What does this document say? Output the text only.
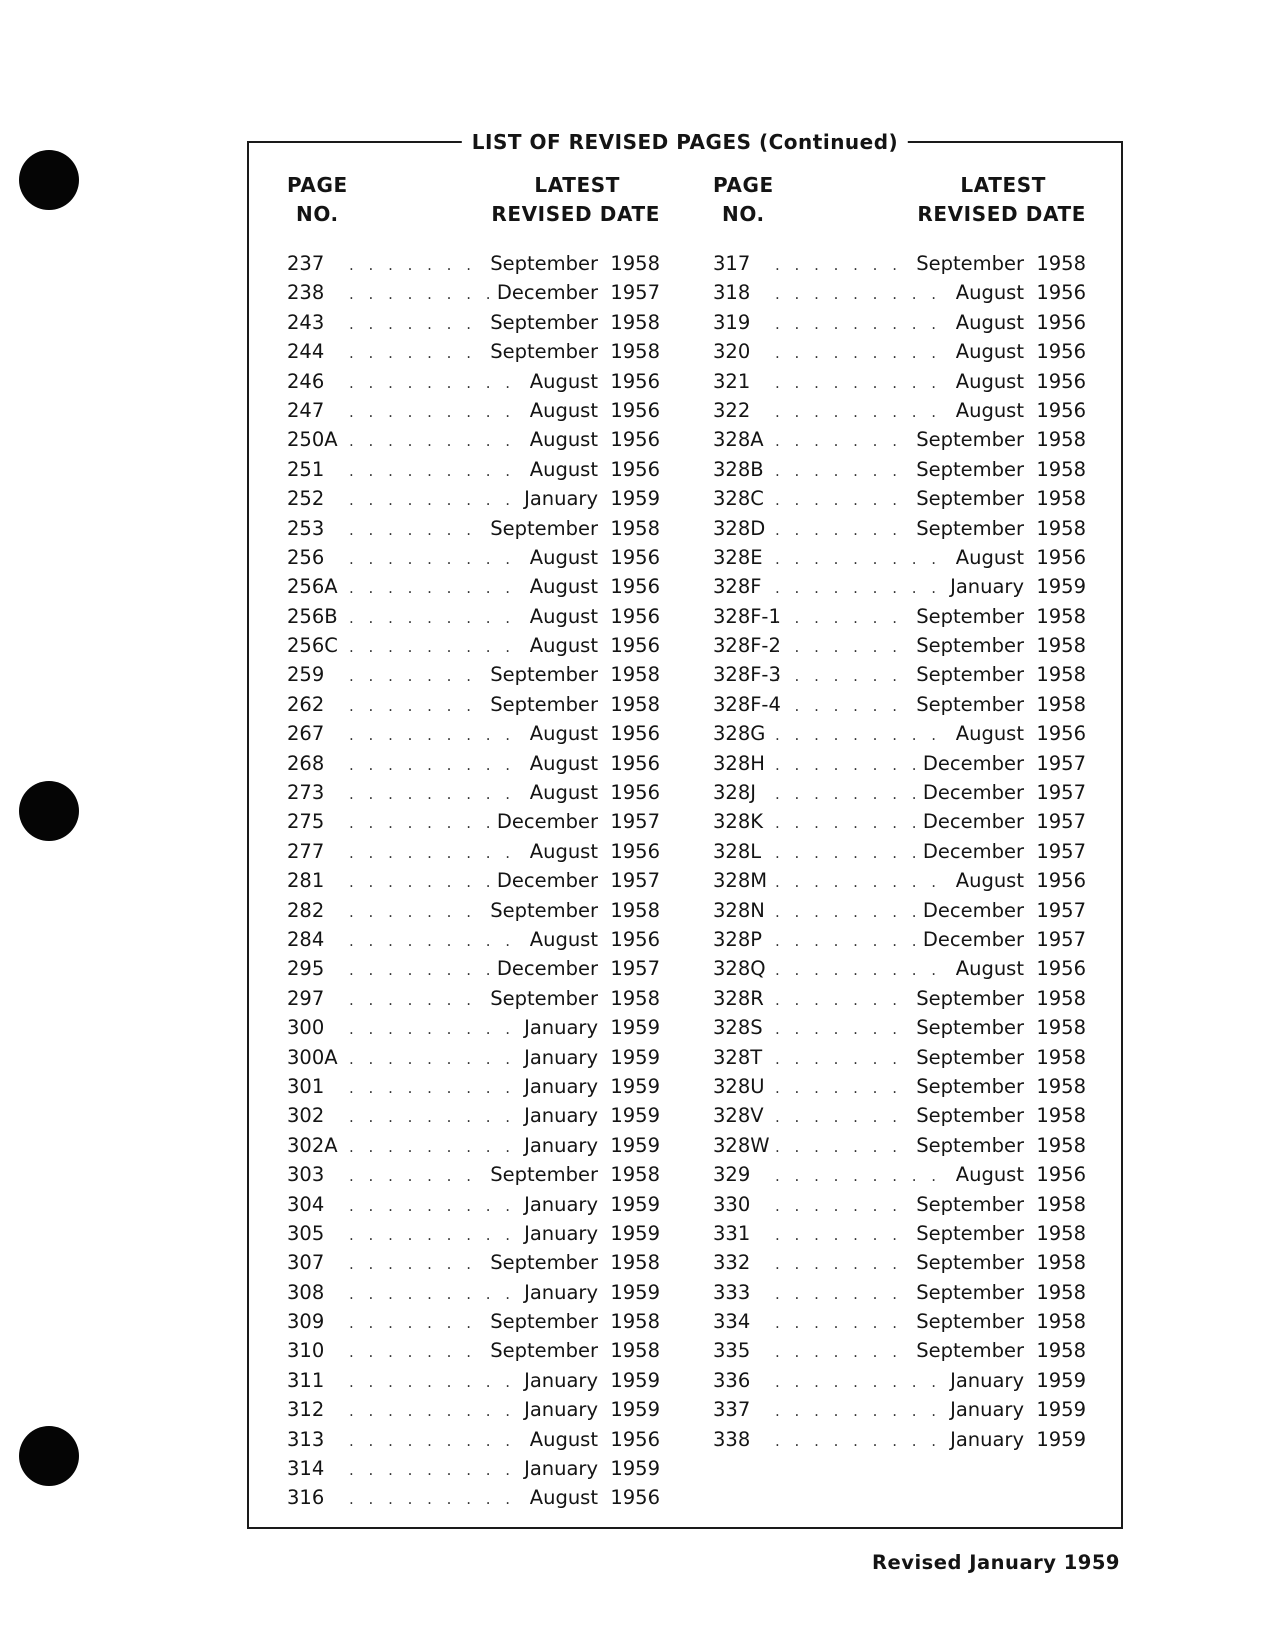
LIST OF REVISED PAGES (Continued)
PAGE
NO.
LATEST
REVISED DATE
237 . . .	September 1958
238 . . .	December 1957
243 . . .	September 1958
244 . . .	September 1958
246 . . .	August 1956
247 . . .	August 1956
250A . . .	August 1956
251 . . .	August 1956
252 . . .	January 1959
253 . . .	September 1958
256 . . .	August 1956
256A . . .	August 1956
256B . . .	August 1956
256C . . .	August 1956
259 . . .	September 1958
262 . . .	September 1958
267 . . .	August 1956
268 . . .	August 1956
273 . . .	August 1956
275 . . .	December 1957
277 . . .	August 1956
281 . . .	December 1957
282 . . .	September 1958
284 . . .	August 1956
295 . . .	December 1957
297 . . .	September 1958
300 . . .	January 1959
300A . . .	January 1959
301 . . .	January 1959
302 . . .	January 1959
302A . . .	January 1959
303 . . .	September 1958
304 . . .	January 1959
305 . . .	January 1959
307 . . .	September 1958
308 . . .	January 1959
309 . . .	September 1958
310 . . .	September 1958
311 . . .	January 1959
312 . . .	January 1959
313 . . .	August 1956
314 . . .	January 1959
316 . . .	August 1956
PAGE
NO.
LATEST
REVISED DATE
317 . . .	September 1958
318 . . .	August 1956
319 . . .	August 1956
320 . . .	August 1956
321 . . .	August 1956
322 . . .	August 1956
328A . . .	September 1958
328B . . .	September 1958
328C . . .	September 1958
328D . . .	September 1958
328E . . .	August 1956
328F . . .	January 1959
328F-1 . . .	September 1958
328F-2 . . .	September 1958
328F-3 . . .	September 1958
328F-4 . . .	September 1958
328G . . .	August 1956
328H . . .	December 1957
328J . . .	December 1957
328K . . .	December 1957
328L . . .	December 1957
328M . . .	August 1956
328N . . .	December 1957
328P . . .	December 1957
328Q . . .	August 1956
328R . . .	September 1958
328S . . .	September 1958
328T . . .	September 1958
328U . . .	September 1958
328V . . .	September 1958
328W . . .	September 1958
329 . . .	August 1956
330 . . .	September 1958
331 . . .	September 1958
332 . . .	September 1958
333 . . .	September 1958
334 . . .	September 1958
335 . . .	September 1958
336 . . .	January 1959
337 . . .	January 1959
338 . . .	January 1959
Revised January 1959
